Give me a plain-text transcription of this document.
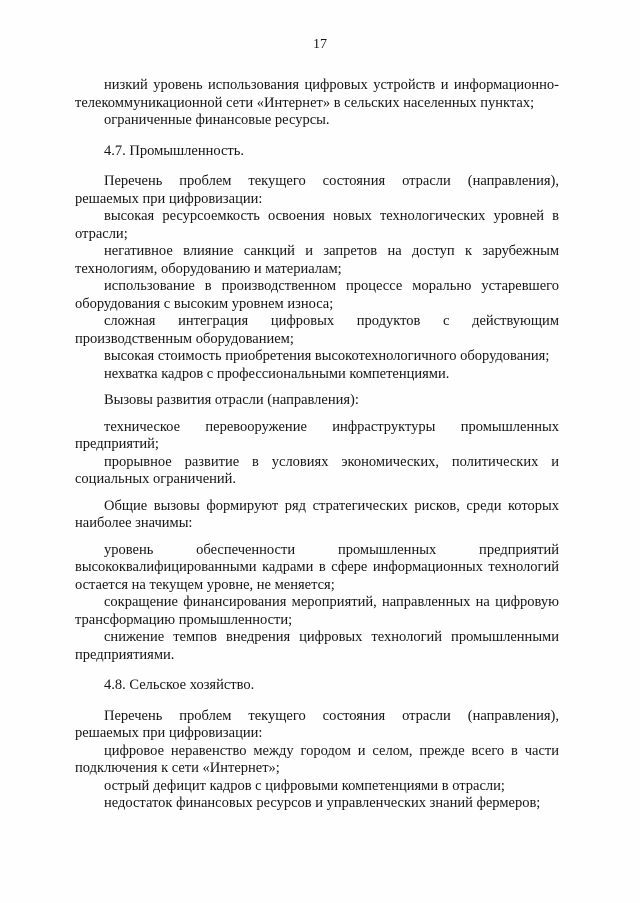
17

низкий уровень использования цифровых устройств и информационно-телекоммуникационной сети «Интернет» в сельских населенных пунктах;

ограниченные финансовые ресурсы.

4.7. Промышленность.

Перечень проблем текущего состояния отрасли (направления), решаемых при цифровизации:

высокая ресурсоемкость освоения новых технологических уровней в отрасли;

негативное влияние санкций и запретов на доступ к зарубежным технологиям, оборудованию и материалам;

использование в производственном процессе морально устаревшего оборудования с высоким уровнем износа;

сложная интеграция цифровых продуктов с действующим производственным оборудованием;

высокая стоимость приобретения высокотехнологичного оборудования;

нехватка кадров с профессиональными компетенциями.

Вызовы развития отрасли (направления):

техническое перевооружение инфраструктуры промышленных предприятий;

прорывное развитие в условиях экономических, политических и социальных ограничений.

Общие вызовы формируют ряд стратегических рисков, среди которых наиболее значимы:

уровень обеспеченности промышленных предприятий высококвалифицированными кадрами в сфере информационных технологий остается на текущем уровне, не меняется;

сокращение финансирования мероприятий, направленных на цифровую трансформацию промышленности;

снижение темпов внедрения цифровых технологий промышленными предприятиями.

4.8. Сельское хозяйство.

Перечень проблем текущего состояния отрасли (направления), решаемых при цифровизации:

цифровое неравенство между городом и селом, прежде всего в части подключения к сети «Интернет»;

острый дефицит кадров с цифровыми компетенциями в отрасли;

недостаток финансовых ресурсов и управленческих знаний фермеров;
